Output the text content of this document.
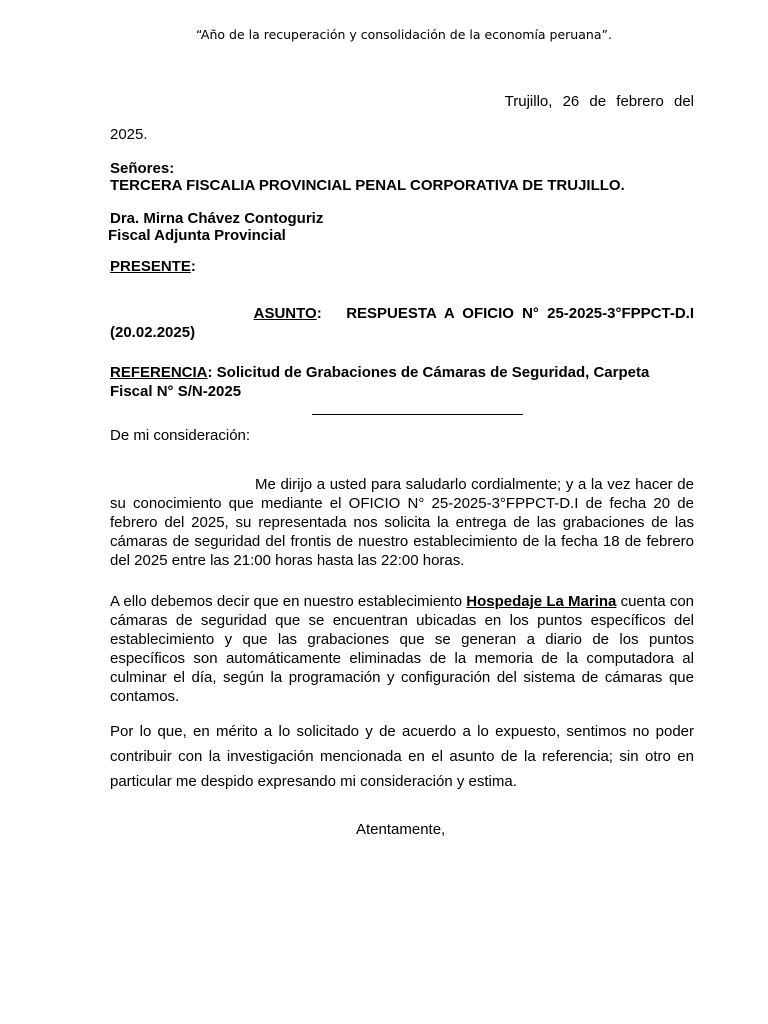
“Año de la recuperación y consolidación de la economía peruana”.
Trujillo, 26 de febrero del
2025.
Señores:
TERCERA FISCALIA PROVINCIAL PENAL CORPORATIVA DE TRUJILLO.
Dra. Mirna Chávez Contoguriz
Fiscal Adjunta Provincial
PRESENTE:
ASUNTO: RESPUESTA A OFICIO N° 25-2025-3°FPPCT-D.I
(20.02.2025)
REFERENCIA: Solicitud de Grabaciones de Cámaras de Seguridad, Carpeta Fiscal N° S/N-2025
De mi consideración:
Me dirijo a usted para saludarlo cordialmente; y a la vez hacer de su conocimiento que mediante el OFICIO N° 25-2025-3°FPPCT-D.I de fecha 20 de febrero del 2025, su representada nos solicita la entrega de las grabaciones de las cámaras de seguridad del frontis de nuestro establecimiento de la fecha 18 de febrero del 2025 entre las 21:00 horas hasta las 22:00 horas.
A ello debemos decir que en nuestro establecimiento Hospedaje La Marina cuenta con cámaras de seguridad que se encuentran ubicadas en los puntos específicos del establecimiento y que las grabaciones que se generan a diario de los puntos específicos son automáticamente eliminadas de la memoria de la computadora al culminar el día, según la programación y configuración del sistema de cámaras que contamos.
Por lo que, en mérito a lo solicitado y de acuerdo a lo expuesto, sentimos no poder contribuir con la investigación mencionada en el asunto de la referencia; sin otro en particular me despido expresando mi consideración y estima.
Atentamente,
